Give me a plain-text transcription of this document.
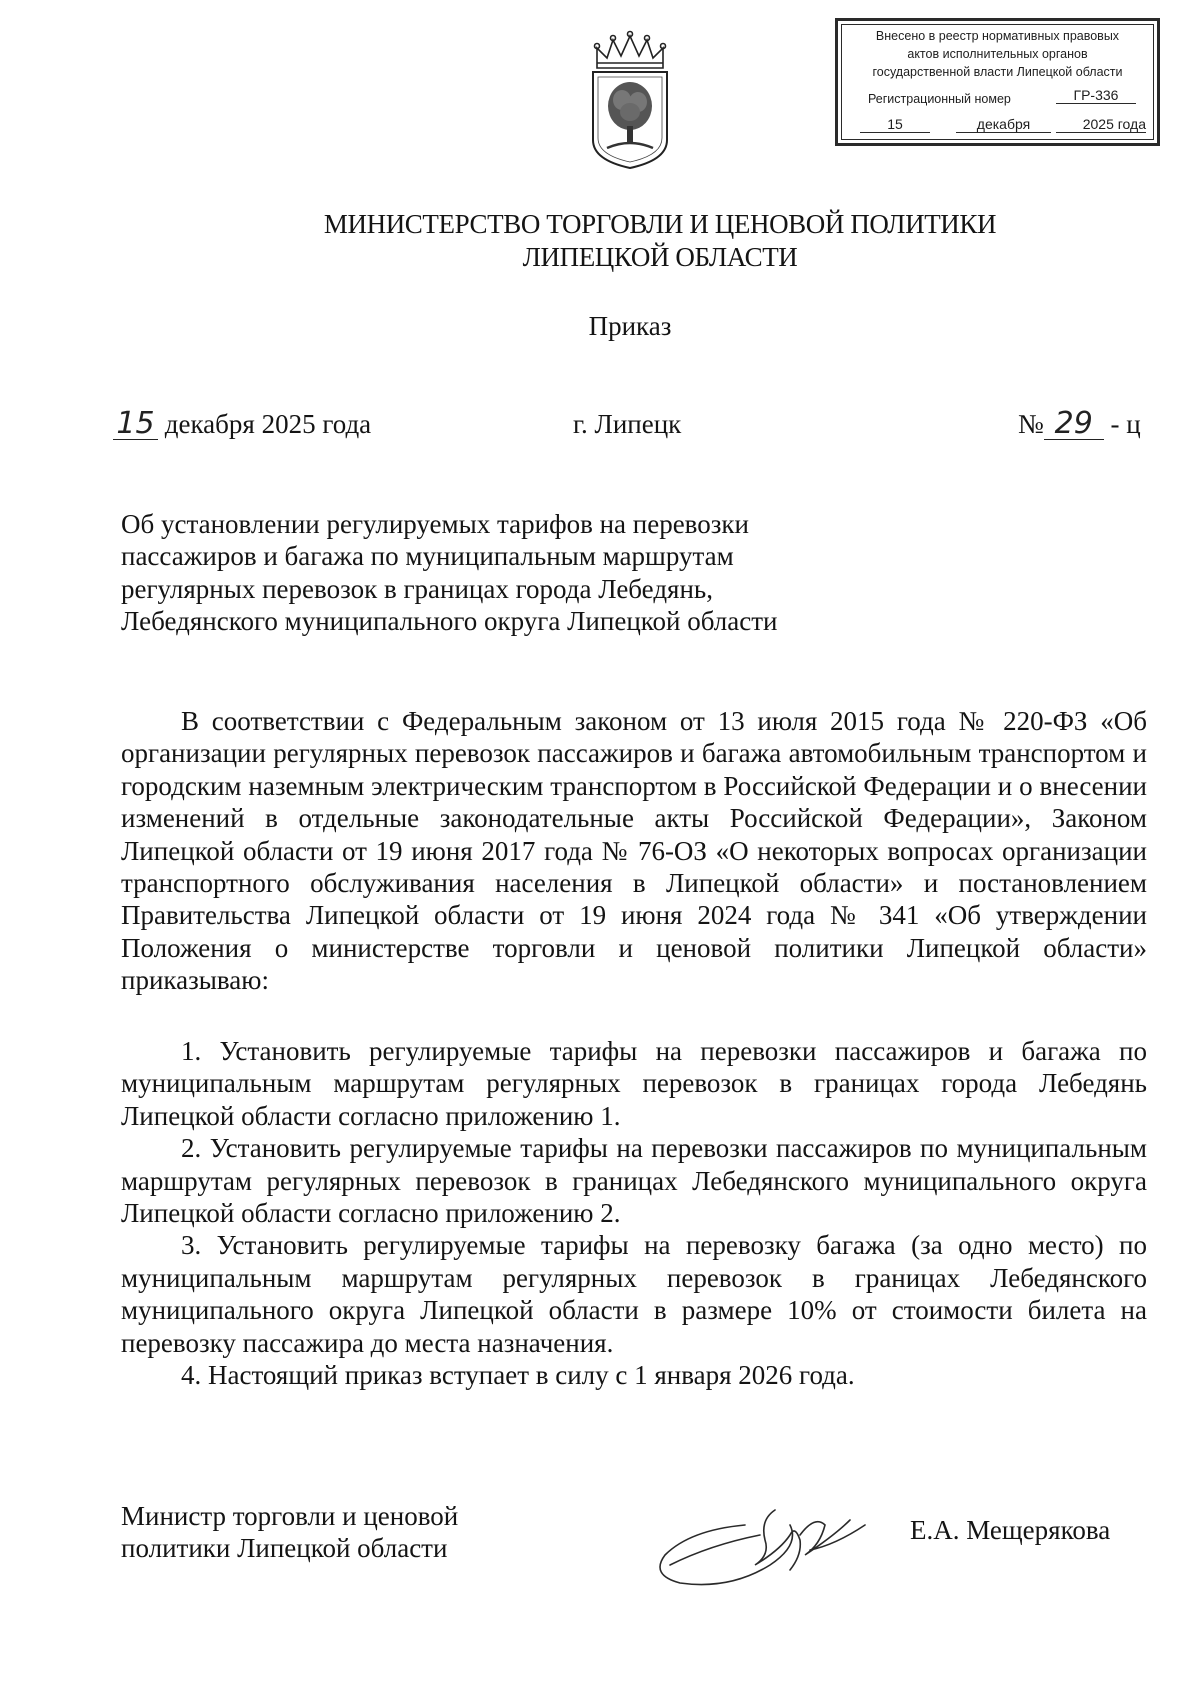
Внесено в реестр нормативных правовых
актов исполнительных органов
государственной власти Липецкой области
Регистрационный номер	ГР-336
15	декабря	2025 года
МИНИСТЕРСТВО ТОРГОВЛИ И ЦЕНОВОЙ ПОЛИТИКИ
ЛИПЕЦКОЙ ОБЛАСТИ
Приказ
15 декабря 2025 года	г. Липецк	№ 29 - ц
Об установлении регулируемых тарифов на перевозки пассажиров и багажа по муниципальным маршрутам регулярных перевозок в границах города Лебедянь, Лебедянского муниципального округа Липецкой области

В соответствии с Федеральным законом от 13 июля 2015 года № 220-ФЗ «Об организации регулярных перевозок пассажиров и багажа автомобильным транспортом и городским наземным электрическим транспортом в Российской Федерации и о внесении изменений в отдельные законодательные акты Российской Федерации», Законом Липецкой области от 19 июня 2017 года № 76-ОЗ «О некоторых вопросах организации транспортного обслуживания населения в Липецкой области» и постановлением Правительства Липецкой области от 19 июня 2024 года № 341 «Об утверждении Положения о министерстве торговли и ценовой политики Липецкой области» приказываю:

1. Установить регулируемые тарифы на перевозки пассажиров и багажа по муниципальным маршрутам регулярных перевозок в границах города Лебедянь Липецкой области согласно приложению 1.

2. Установить регулируемые тарифы на перевозки пассажиров по муниципальным маршрутам регулярных перевозок в границах Лебедянского муниципального округа Липецкой области согласно приложению 2.

3. Установить регулируемые тарифы на перевозку багажа (за одно место) по муниципальным маршрутам регулярных перевозок в границах Лебедянского муниципального округа Липецкой области в размере 10% от стоимости билета на перевозку пассажира до места назначения.

4. Настоящий приказ вступает в силу с 1 января 2026 года.

Министр торговли и ценовой
политики Липецкой области
Е.А. Мещерякова
